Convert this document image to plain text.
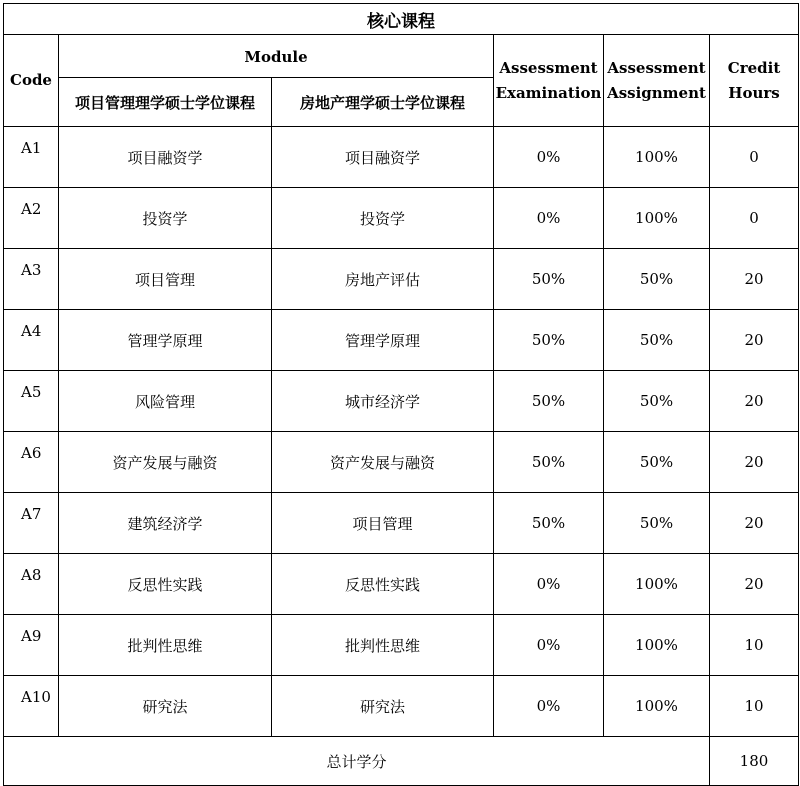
核心课程					
Code	Module		Assessment Examination	Assessment Assignment	Credit Hours
	项目管理理学硕士学位课程	房地产理学硕士学位课程			
A1	项目融资学	项目融资学	0%	100%	0
A2	投资学	投资学	0%	100%	0
A3	项目管理	房地产评估	50%	50%	20
A4	管理学原理	管理学原理	50%	50%	20
A5	风险管理	城市经济学	50%	50%	20
A6	资产发展与融资	资产发展与融资	50%	50%	20
A7	建筑经济学	项目管理	50%	50%	20
A8	反思性实践	反思性实践	0%	100%	20
A9	批判性思维	批判性思维	0%	100%	10
A10	研究法	研究法	0%	100%	10
总计学分					180
